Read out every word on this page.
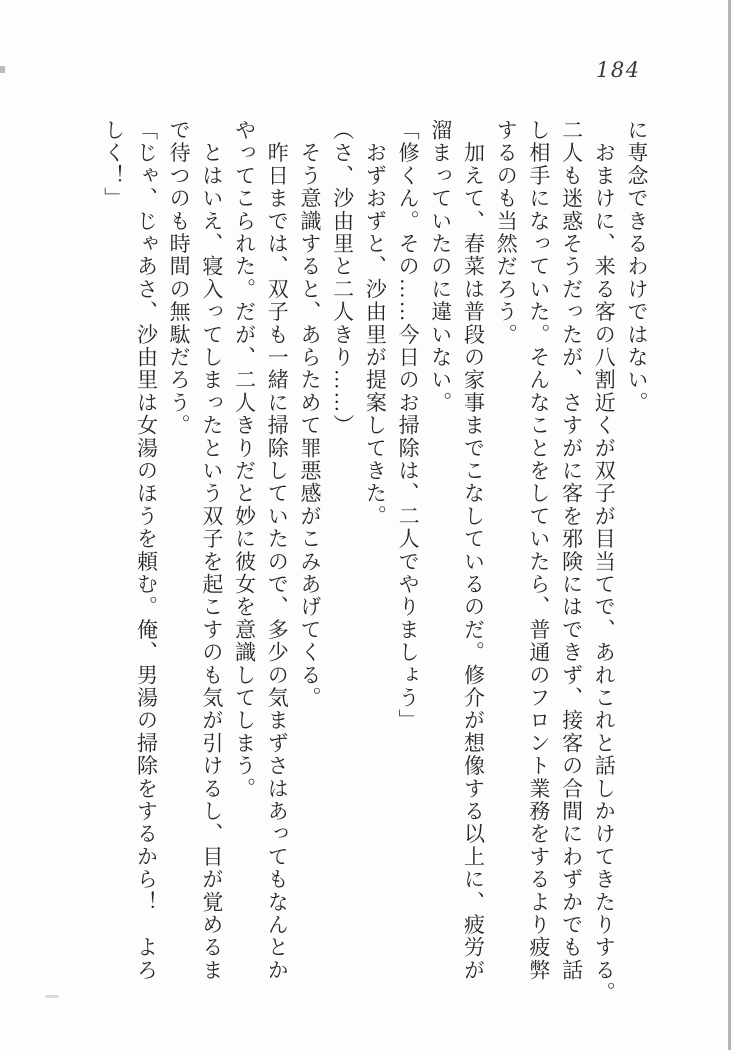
184
に専念できるわけではない。
　おまけに、来る客の八割近くが双子が目当てで、あれこれと話しかけてきたりする。
二人も迷惑そうだったが、さすがに客を邪険にはできず、接客の合間にわずかでも話
し相手になっていた。そんなことをしていたら、普通のフロント業務をするより疲弊
するのも当然だろう。
　加えて、春菜は普段の家事までこなしているのだ。修介が想像する以上に、疲労が
溜まっていたのに違いない。
「修くん。その……今日のお掃除は、二人でやりましょう」
　おずおずと、沙由里が提案してきた。
（さ、沙由里と二人きり……）
　そう意識すると、あらためて罪悪感がこみあげてくる。
　昨日までは、双子も一緒に掃除していたので、多少の気まずさはあってもなんとか
やってこられた。だが、二人きりだと妙に彼女を意識してしまう。
　とはいえ、寝入ってしまったという双子を起こすのも気が引けるし、目が覚めるま
で待つのも時間の無駄だろう。
「じゃ、じゃあさ、沙由里は女湯のほうを頼む。俺、男湯の掃除をするから！　よろ
しく！」
